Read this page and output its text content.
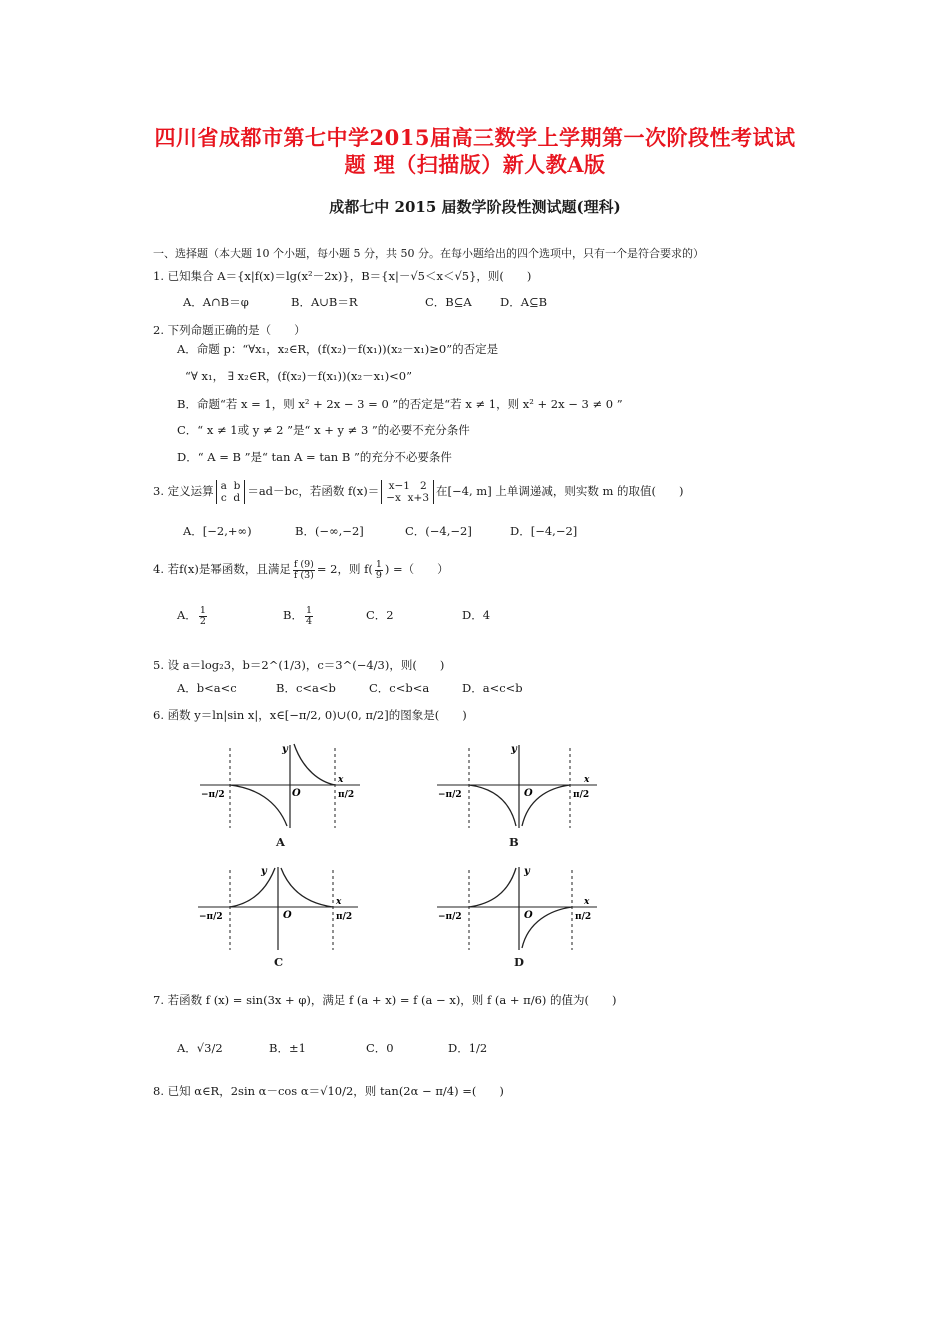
四川省成都市第七中学2015届高三数学上学期第一次阶段性考试试
题 理（扫描版）新人教A版
成都七中 2015 届数学阶段性测试题(理科)
一、选择题（本大题 10 个小题，每小题 5 分，共 50 分。在每小题给出的四个选项中，只有一个是符合要求的）
1. 已知集合 A＝{x|f(x)＝lg(x²－2x)}，B＝{x|－√5＜x＜√5}，则(　　)
A．A∩B＝φ	B．A∪B＝R	C．B⊆A D．A⊆B
2. 下列命题正确的是（　　）
A．命题 p：“∀x₁，x₂∈R，(f(x₂)－f(x₁))(x₂－x₁)≥0”的否定是
“∀ x₁， ∃ x₂∈R，(f(x₂)－f(x₁))(x₂－x₁)<0”
B．命题“若 x = 1，则 x² + 2x − 3 = 0 ”的否定是“若 x ≠ 1，则 x² + 2x − 3 ≠ 0 ”
C．“ x ≠ 1或 y ≠ 2 ”是“ x + y ≠ 3 ”的必要不充分条件
D．“ A = B ”是“ tan A = tan B ”的充分不必要条件
3. 定义运算 a b
c d ＝ad－bc，若函数 f(x)＝ x−1 2
−x x+3 在[−4, m] 上单调递减，则实数 m 的取值(　　)
A．[−2,+∞)	B．(−∞,−2]	C．(−4,−2]	D．[−4,−2]
4. 若f(x)是幂函数，且满足 $\frac{f (9)}{f (3)} = 2$，则 $f( \frac{1}{9}$ ) =（　　）
A． $\frac{1}{2}$	B． $\frac{1}{4}$	C．2	D．4
5. 设 a＝log₂3，b＝2^(1/3)，c＝3^(−4/3)，则(　　)
A．b<a<c	B．c<a<b	C．c<b<a	D．a<c<b
6. 函数 y＝ln|sin x|，x∈[−π/2, 0)∪(0, π/2]的图象是(　　)
y
x
O
−π/2	π/2
A
y
x
O
−π/2	π/2
B
y
x
O
−π/2	π/2
C
y
x
O
−π/2	π/2
D
7. 若函数 f (x) = sin(3x + φ)，满足 f (a + x) = f (a − x)，则 f (a + π/6) 的值为(　　)
A．√3/2	B．±1	C．0	D．1/2
8. 已知 α∈R，2sin α－cos α＝√10/2，则 tan(2α − π/4) =(　　)
